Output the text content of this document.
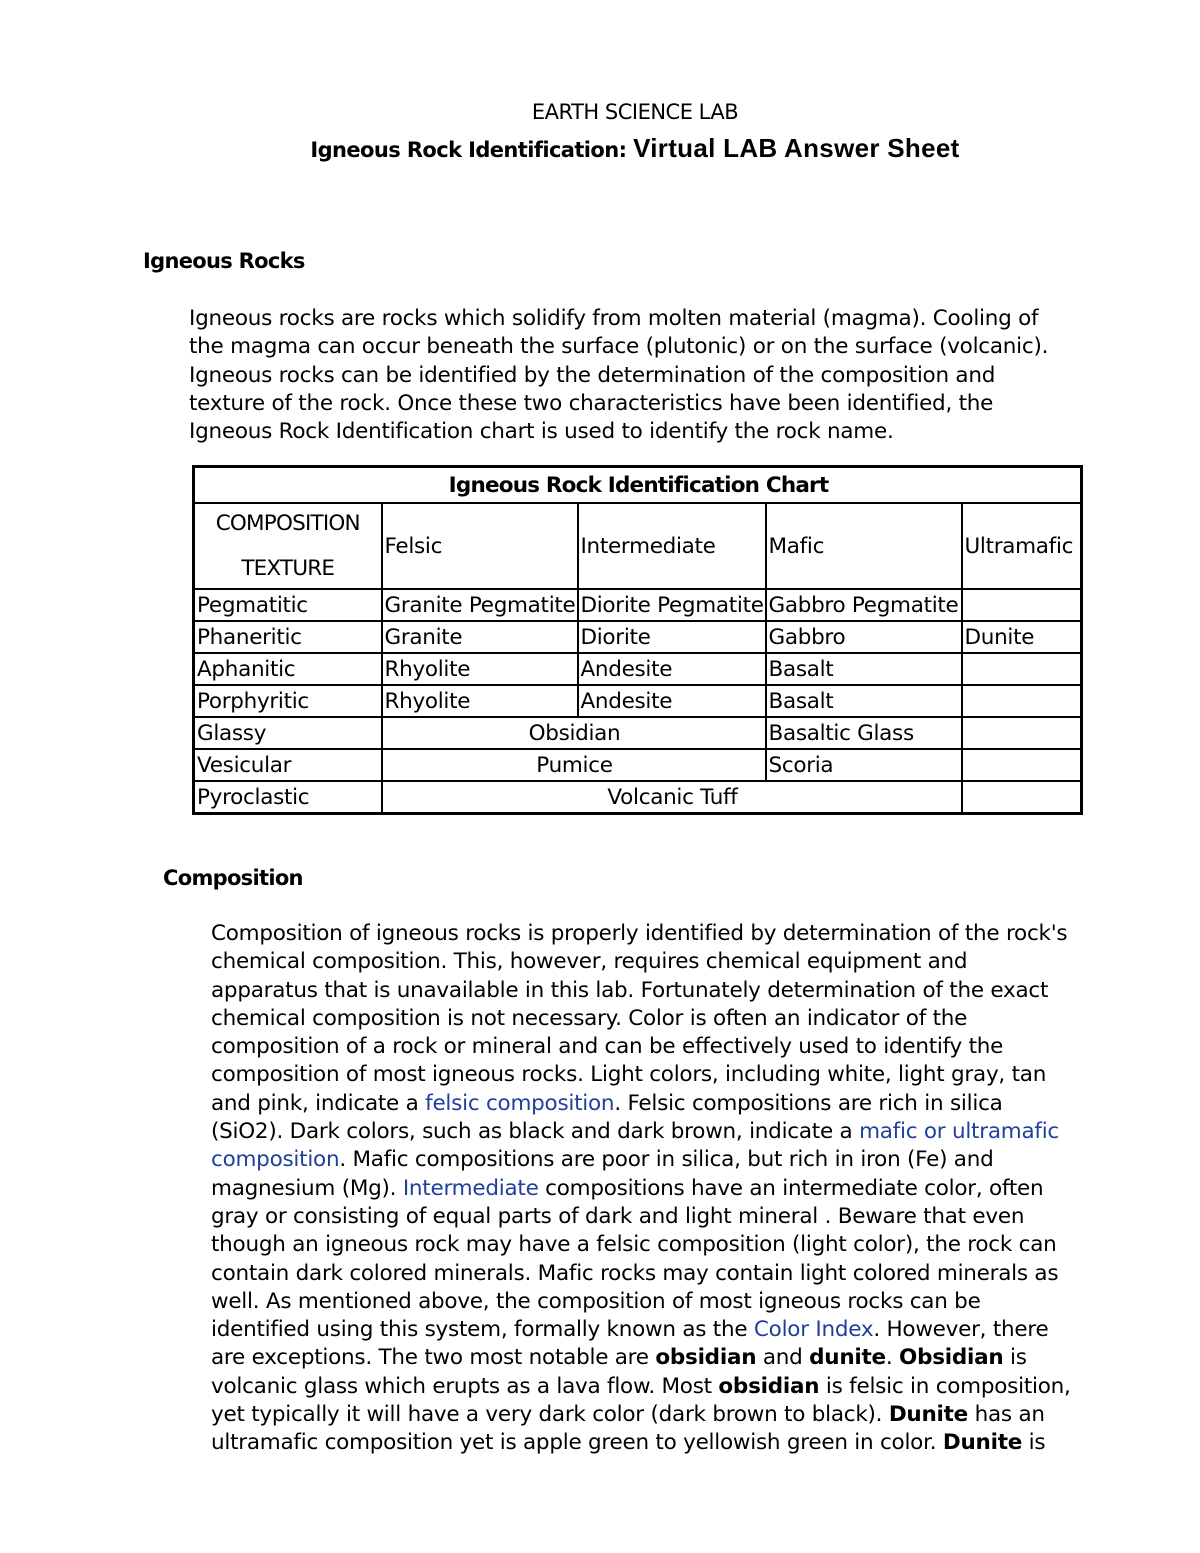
EARTH SCIENCE LAB
Igneous Rock Identification: Virtual LAB Answer Sheet
Igneous Rocks
Igneous rocks are rocks which solidify from molten material (magma). Cooling of
the magma can occur beneath the surface (plutonic) or on the surface (volcanic).
Igneous rocks can be identified by the determination of the composition and
texture of the rock. Once these two characteristics have been identified, the
Igneous Rock Identification chart is used to identify the rock name.
Igneous Rock Identification Chart				

COMPOSITION
TEXTURE	Felsic	Intermediate	Mafic	Ultramafic
Pegmatitic	Granite Pegmatite	Diorite Pegmatite	Gabbro Pegmatite	
Phaneritic	Granite	Diorite	Gabbro	Dunite
Aphanitic	Rhyolite	Andesite	Basalt	
Porphyritic	Rhyolite	Andesite	Basalt	
Glassy	Obsidian		Basaltic Glass	
Vesicular	Pumice		Scoria	
Pyroclastic	Volcanic Tuff			
Composition
Composition of igneous rocks is properly identified by determination of the rock's
chemical composition. This, however, requires chemical equipment and
apparatus that is unavailable in this lab. Fortunately determination of the exact
chemical composition is not necessary. Color is often an indicator of the
composition of a rock or mineral and can be effectively used to identify the
composition of most igneous rocks. Light colors, including white, light gray, tan
and pink, indicate a felsic composition. Felsic compositions are rich in silica
(SiO2). Dark colors, such as black and dark brown, indicate a mafic or ultramafic
composition. Mafic compositions are poor in silica, but rich in iron (Fe) and
magnesium (Mg). Intermediate compositions have an intermediate color, often
gray or consisting of equal parts of dark and light mineral . Beware that even
though an igneous rock may have a felsic composition (light color), the rock can
contain dark colored minerals. Mafic rocks may contain light colored minerals as
well. As mentioned above, the composition of most igneous rocks can be
identified using this system, formally known as the Color Index. However, there
are exceptions. The two most notable are obsidian and dunite. Obsidian is
volcanic glass which erupts as a lava flow. Most obsidian is felsic in composition,
yet typically it will have a very dark color (dark brown to black). Dunite has an
ultramafic composition yet is apple green to yellowish green in color. Dunite is
